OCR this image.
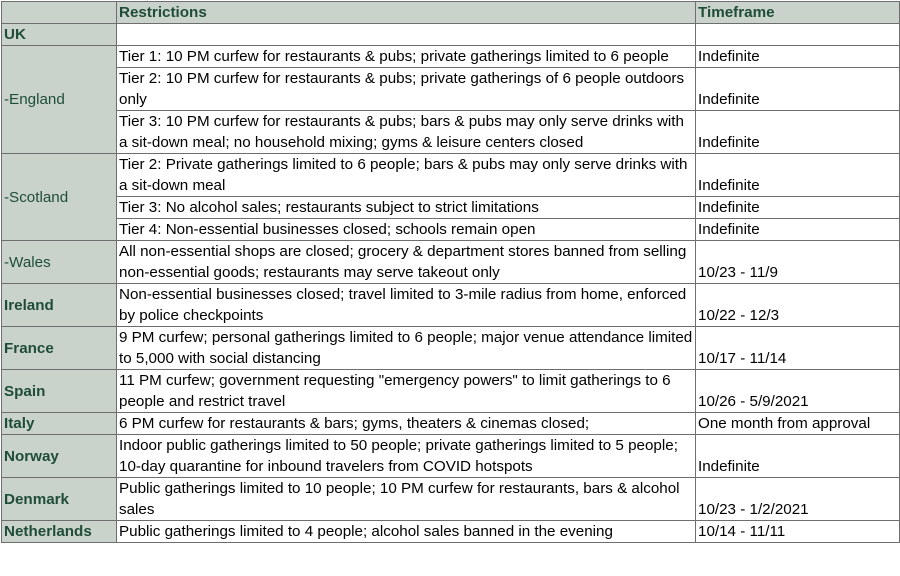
	Restrictions	Timeframe
UK		
-England	Tier 1: 10 PM curfew for restaurants & pubs; private gatherings limited to 6 people	Indefinite
	Tier 2: 10 PM curfew for restaurants & pubs; private gatherings of 6 people outdoors only	Indefinite
	Tier 3: 10 PM curfew for restaurants & pubs; bars & pubs may only serve drinks with a sit-down meal; no household mixing; gyms & leisure centers closed	Indefinite
-Scotland	Tier 2: Private gatherings limited to 6 people; bars & pubs may only serve drinks with a sit-down meal	Indefinite
	Tier 3: No alcohol sales; restaurants subject to strict limitations	Indefinite
	Tier 4: Non-essential businesses closed; schools remain open	Indefinite
-Wales	All non-essential shops are closed; grocery & department stores banned from selling non-essential goods; restaurants may serve takeout only	10/23 - 11/9
Ireland	Non-essential businesses closed; travel limited to 3-mile radius from home, enforced by police checkpoints	10/22 - 12/3
France	9 PM curfew; personal gatherings limited to 6 people; major venue attendance limited to 5,000 with social distancing	10/17 - 11/14
Spain	11 PM curfew; government requesting "emergency powers" to limit gatherings to 6 people and restrict travel	10/26 - 5/9/2021
Italy	6 PM curfew for restaurants & bars; gyms, theaters & cinemas closed;	One month from approval
Norway	Indoor public gatherings limited to 50 people; private gatherings limited to 5 people; 10-day quarantine for inbound travelers from COVID hotspots	Indefinite
Denmark	Public gatherings limited to 10 people; 10 PM curfew for restaurants, bars & alcohol sales	10/23 - 1/2/2021
Netherlands	Public gatherings limited to 4 people; alcohol sales banned in the evening	10/14 - 11/11
